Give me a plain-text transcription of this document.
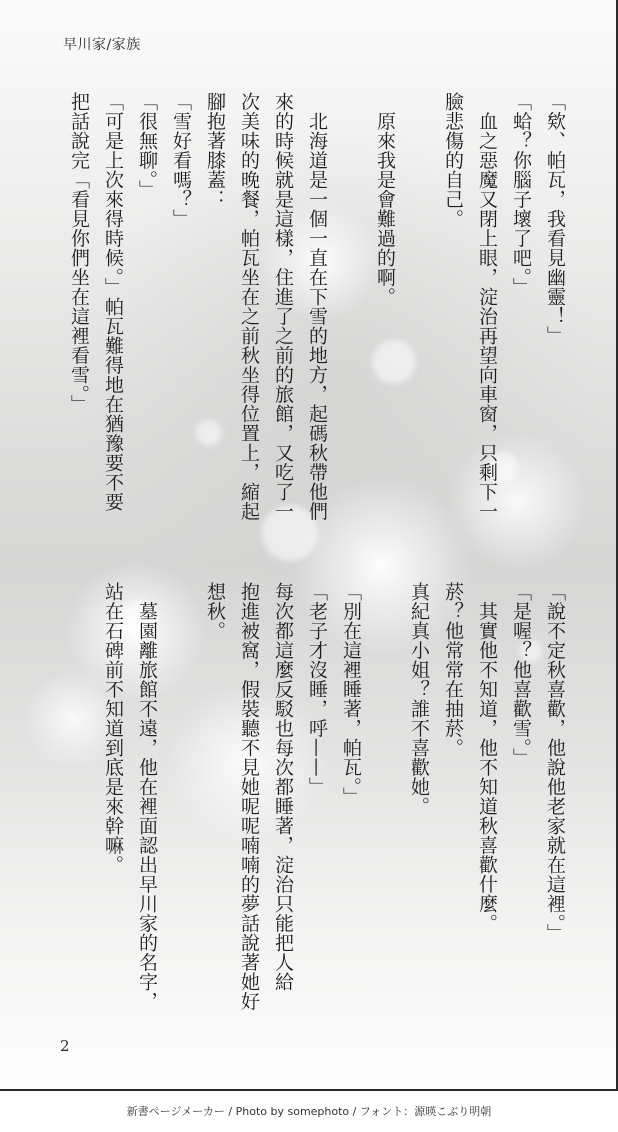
早川家/家族

「欸、帕瓦，我看見幽靈！」

「蛤？你腦子壞了吧。」

　血之惡魔又閉上眼，淀治再望向車窗，只剩下一

臉悲傷的自己。

　原來我是會難過的啊。

　北海道是一個一直在下雪的地方，起碼秋帶他們

來的時候就是這樣，住進了之前的旅館，又吃了一

次美味的晚餐，帕瓦坐在之前秋坐得位置上，縮起

腳抱著膝蓋：

「雪好看嗎？」

「很無聊。」

「可是上次來得時候。」帕瓦難得地在猶豫要不要

把話說完「看見你們坐在這裡看雪。」

「說不定秋喜歡，他說他老家就在這裡。」

「是喔？他喜歡雪。」

　其實他不知道，他不知道秋喜歡什麼。

菸？他常常在抽菸。

真紀真小姐？誰不喜歡她。

「別在這裡睡著，帕瓦。」

「老子才沒睡，呼——」

每次都這麼反駁也每次都睡著，淀治只能把人給

抱進被窩，假裝聽不見她呢呢喃喃的夢話說著她好

想秋。

　墓園離旅館不遠，他在裡面認出早川家的名字，

站在石碑前不知道到底是來幹嘛。

2
新書ページメーカー / Photo by somephoto / フォント：源暎こぶり明朝
